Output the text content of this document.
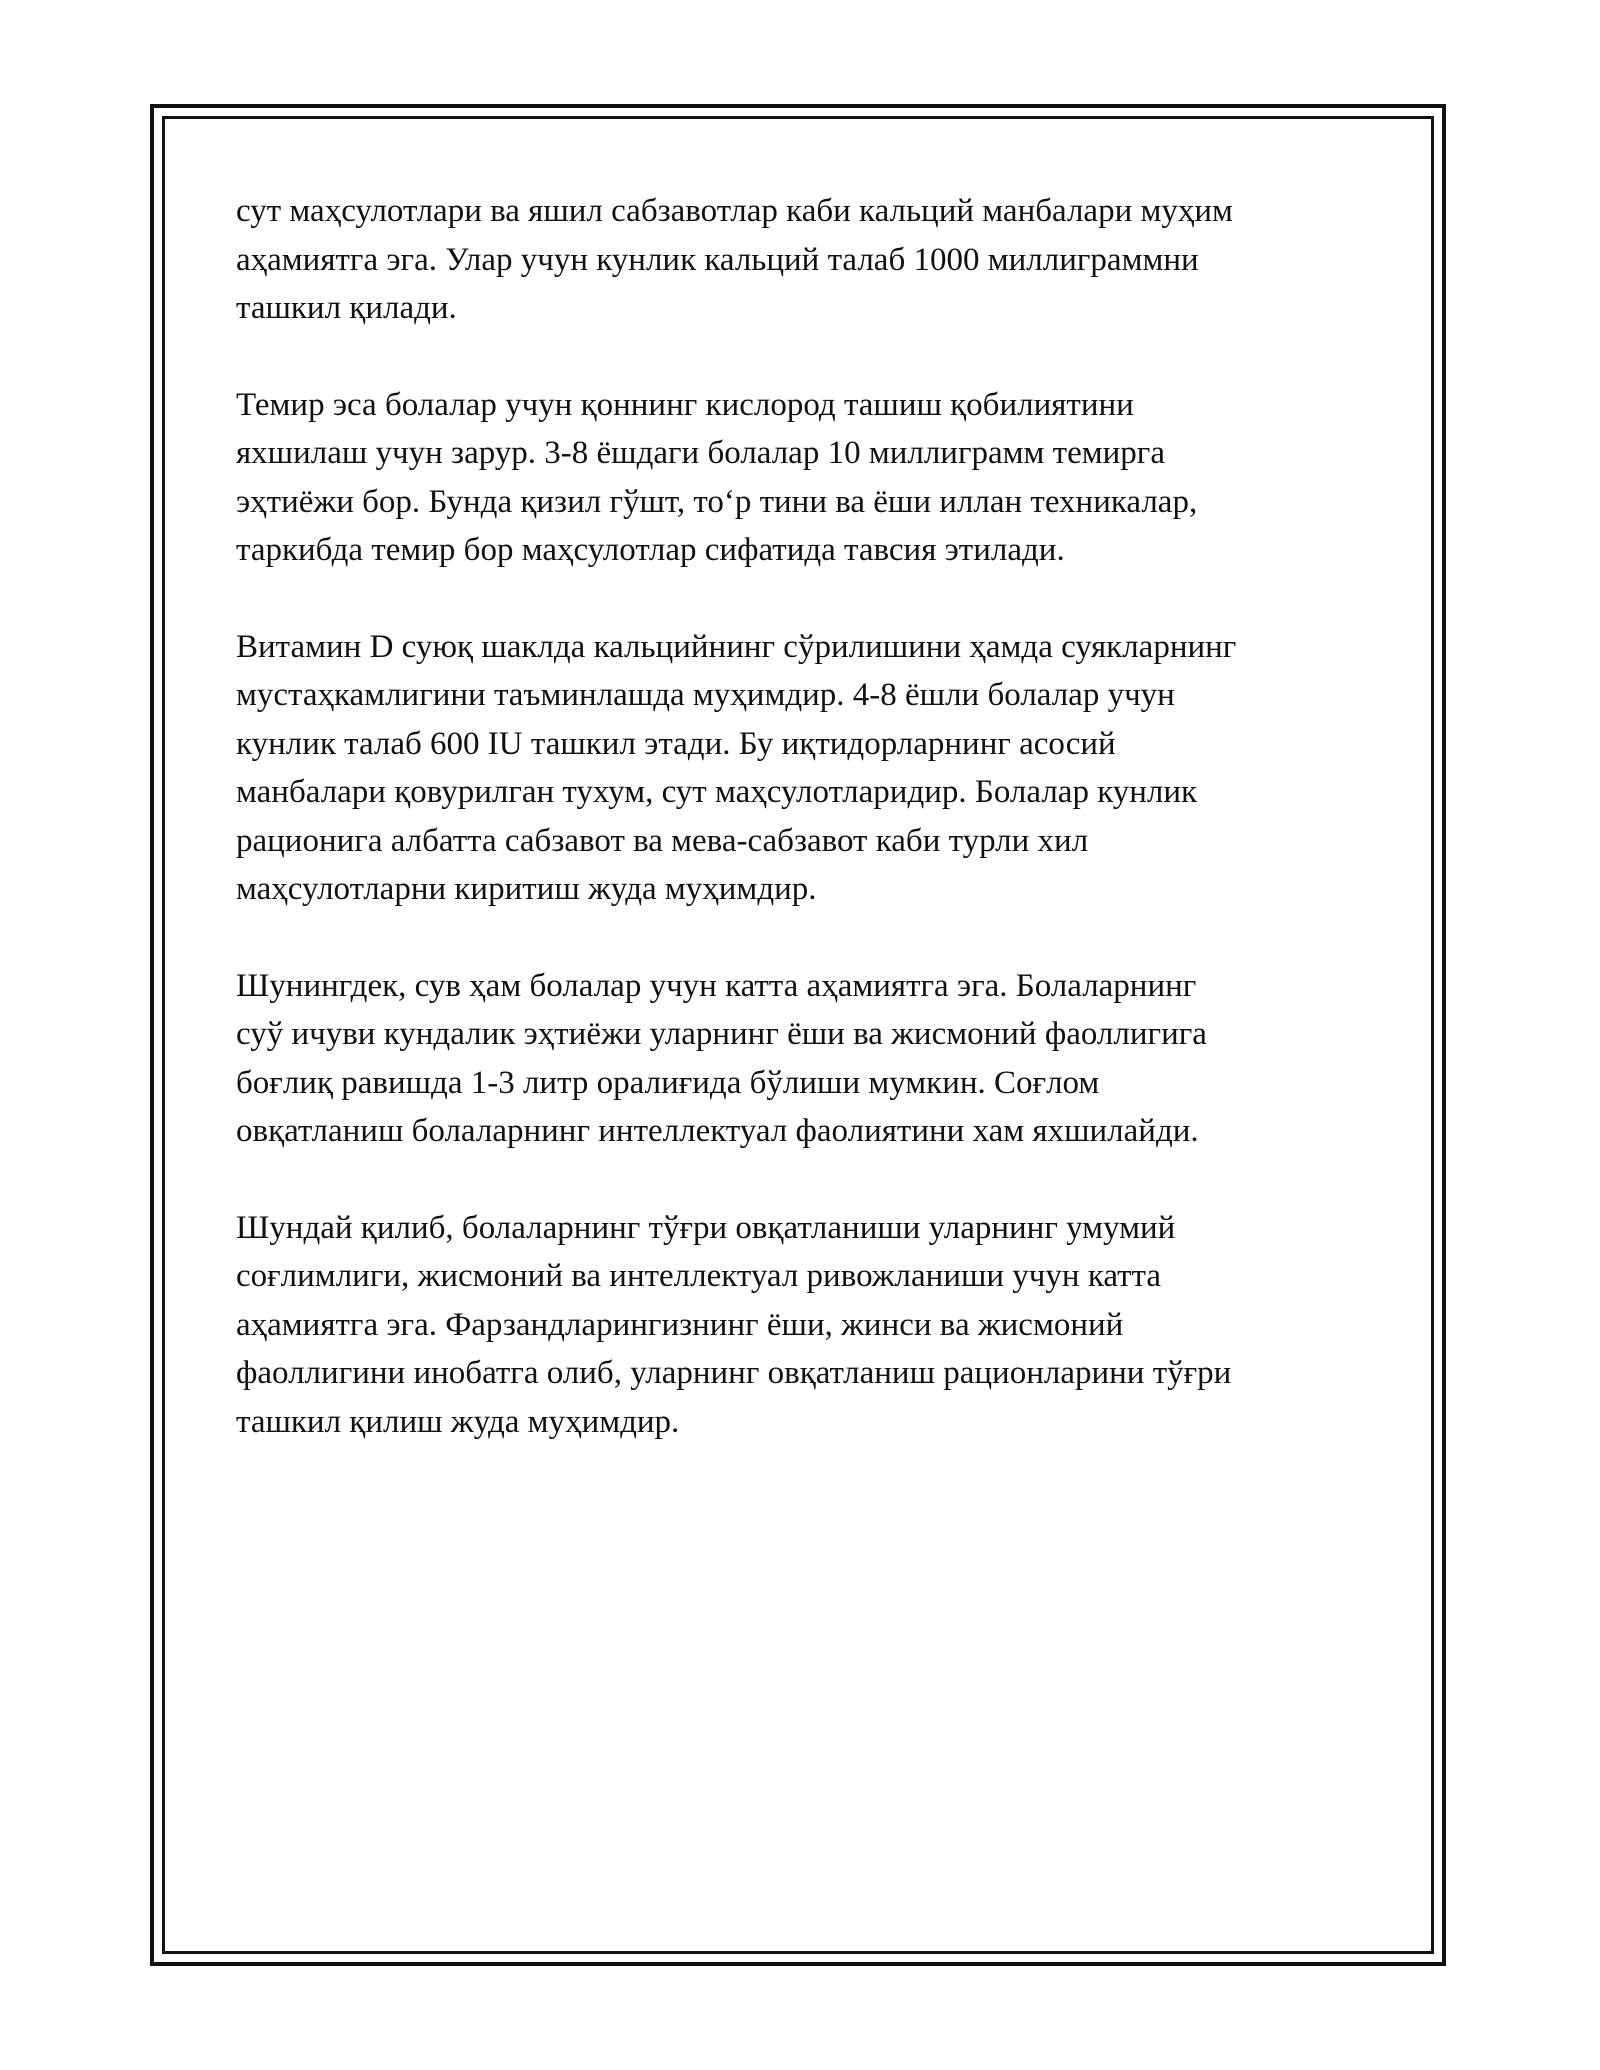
сут маҳсулотлари ва яшил сабзавотлар каби кальций манбалари муҳим
аҳамиятга эга. Улар учун кунлик кальций талаб 1000 миллиграммни
ташкил қилади.

Темир эса болалар учун қоннинг кислород ташиш қобилиятини
яхшилаш учун зарур. 3-8 ёшдаги болалар 10 миллиграмм темирга
эҳтиёжи бор. Бунда қизил гўшт, тоʻр тини ва ёши иллан техникалар,
таркибда темир бор маҳсулотлар сифатида тавсия этилади.

Витамин D суюқ шаклда кальцийнинг сўрилишини ҳамда суякларнинг
мустаҳкамлигини таъминлашда муҳимдир. 4-8 ёшли болалар учун
кунлик талаб 600 IU ташкил этади. Бу иқтидорларнинг асосий
манбалари қовурилган тухум, сут маҳсулотларидир. Болалар кунлик
рационига албатта сабзавот ва мева-сабзавот каби турли хил
маҳсулотларни киритиш жуда муҳимдир.

Шунингдек, сув ҳам болалар учун катта аҳамиятга эга. Болаларнинг
суў ичуви кундалик эҳтиёжи уларнинг ёши ва жисмоний фаоллигига
боғлиқ равишда 1-3 литр оралиғида бўлиши мумкин. Соғлом
овқатланиш болаларнинг интеллектуал фаолиятини хам яхшилайди.

Шундай қилиб, болаларнинг тўғри овқатланиши уларнинг умумий
соғлимлиги, жисмоний ва интеллектуал ривожланиши учун катта
аҳамиятга эга. Фарзандларингизнинг ёши, жинси ва жисмоний
фаоллигини инобатга олиб, уларнинг овқатланиш рационларини тўғри
ташкил қилиш жуда муҳимдир.
